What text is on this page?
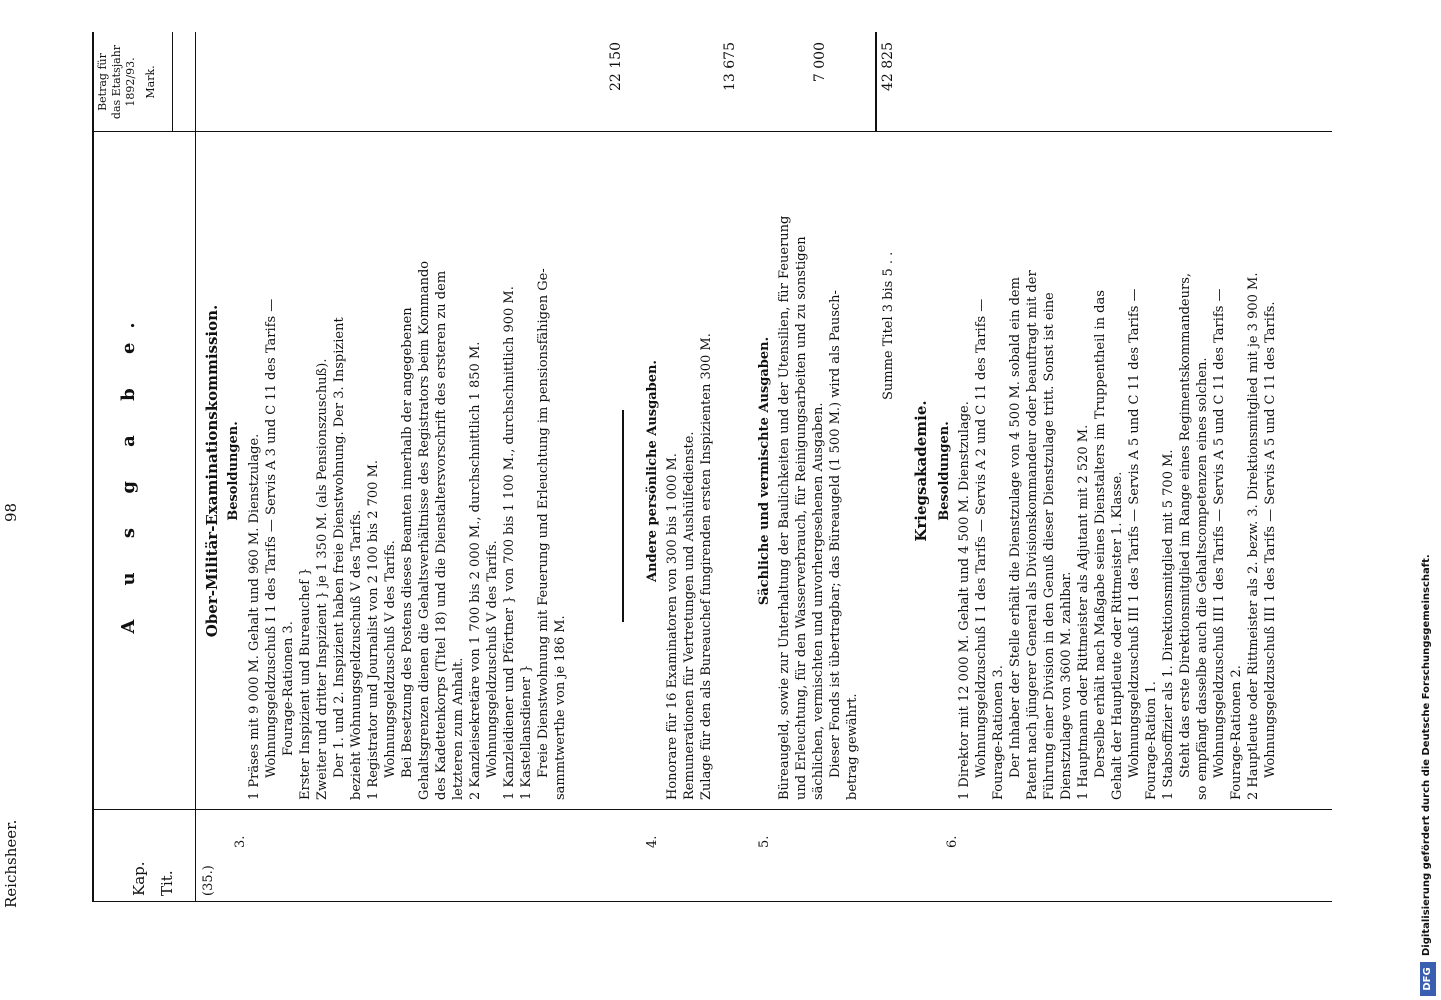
Reichsheer.
98
Kap. Tit.
A u s g a b e.
Betrag für das Etatsjahr 1892/93. Mark.
(35.)
Ober-Militär-Examinationskommission.
3.
Besoldungen. 1 Präses mit 9 000 M. Gehalt und 960 M. Dienstzulage. Wohnungsgeldzuschuß I 1 des Tarifs — Servis A 3 und C 11 des Tarifs — Fourage-Rationen 3. Erster Inspizient und Bureauchef } Zweiter und dritter Inspizient } je 1 350 M. (als Pensionszuschuß). Der 1. und 2. Inspizient haben freie Dienstwohnung. Der 3. Inspizient bezieht Wohnungsgeldzuschuß V des Tarifs. 1 Registrator und Journalist von 2 100 bis 2 700 M. Wohnungsgeldzuschuß V des Tarifs. Bei Besetzung des Postens dieses Beamten innerhalb der angegebenen Gehaltsgrenzen dienen die Gehaltsverhältnisse des Registrators beim Kommando des Kadettenkorps (Titel 18) und die Dienstaltersvorschrift des ersteren zu dem letzteren zum Anhalt. 2 Kanzleisekretäre von 1 700 bis 2 000 M., durchschnittlich 1 850 M. Wohnungsgeldzuschuß V des Tarifs. 1 Kanzleidiener und Pförtner } von 700 bis 1 100 M., durchschnittlich 900 M. 1 Kastellansdiener } Freie Dienstwohnung mit Feuerung und Erleuchtung im pensionsfähigen Ge- sammtwerthe von je 186 M.
22 150
4.
Andere persönliche Ausgaben. Honorare für 16 Examinatoren von 300 bis 1 000 M. Remunerationen für Vertretungen und Aushülfedienste. Zulage für den als Bureauchef fungirenden ersten Inspizienten 300 M.
13 675
5.
Sächliche und vermischte Ausgaben. Büreaugeld, sowie zur Unterhaltung der Baulichkeiten und der Utensilien, für Feuerung und Erleuchtung, für den Wasserverbrauch, für Reinigungsarbeiten und zu sonstigen sächlichen, vermischten und unvorhergesehenen Ausgaben. Dieser Fonds ist übertragbar; das Büreaugeld (1 500 M.) wird als Pausch- betrag gewährt.
7 000
Summe Titel 3 bis 5 . .
42 825
Kriegsakademie.
6.
Besoldungen. 1 Direktor mit 12 000 M. Gehalt und 4 500 M. Dienstzulage. Wohnungsgeldzuschuß I 1 des Tarifs — Servis A 2 und C 11 des Tarifs — Fourage-Rationen 3. Der Inhaber der Stelle erhält die Dienstzulage von 4 500 M. sobald ein dem Patent nach jüngerer General als Divisionskommandeur oder beauftragt mit der Führung einer Division in den Genuß dieser Dienstzulage tritt. Sonst ist eine Dienstzulage von 3600 M. zahlbar. 1 Hauptmann oder Rittmeister als Adjutant mit 2 520 M. Derselbe erhält nach Maßgabe seines Dienstalters im Truppentheil in das Gehalt der Hauptleute oder Rittmeister 1. Klasse. Wohnungsgeldzuschuß III 1 des Tarifs — Servis A 5 und C 11 des Tarifs — Fourage-Ration 1. 1 Stabsoffizier als 1. Direktionsmitglied mit 5 700 M. Steht das erste Direktionsmitglied im Range eines Regimentskommandeurs, so empfängt dasselbe auch die Gehaltscompetenzen eines solchen. Wohnungsgeldzuschuß III 1 des Tarifs — Servis A 5 und C 11 des Tarifs — Fourage-Rationen 2. 2 Hauptleute oder Rittmeister als 2. bezw. 3. Direktionsmitglied mit je 3 900 M. Wohnungsgeldzuschuß III 1 des Tarifs — Servis A 5 und C 11 des Tarifs.
DFG
Digitalisierung gefördert durch die Deutsche Forschungsgemeinschaft.
